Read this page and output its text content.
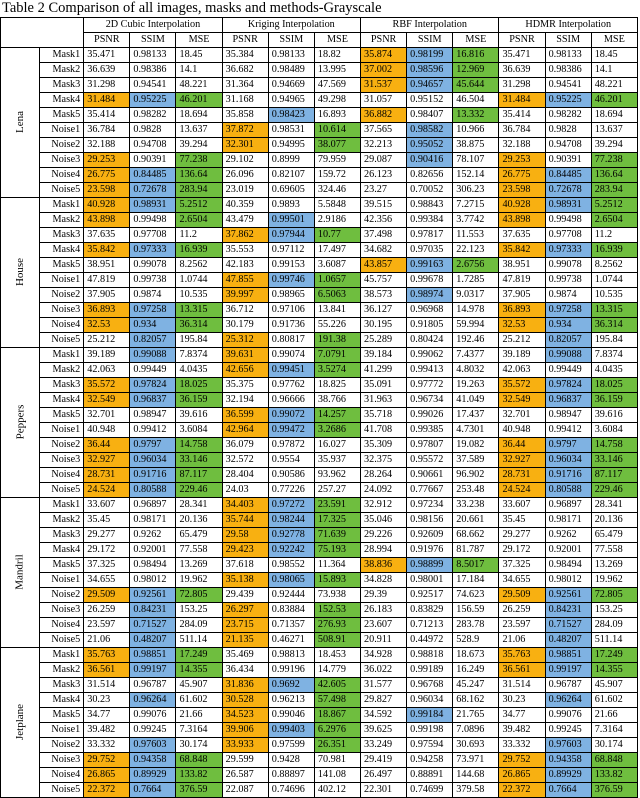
Table 2 Comparison of all images, masks and methods-Grayscale
		2D Cubic Interpolation			Kriging Interpolation			RBF Interpolation			HDMR Interpolation		
		PSNR	SSIM	MSE	PSNR	SSIM	MSE	PSNR	SSIM	MSE	PSNR	SSIM	MSE
Lena	Mask1	35.471	0.98133	18.45	35.384	0.98133	18.82	35.874	0.98199	16.816	35.471	0.98133	18.45
	Mask2	36.639	0.98386	14.1	36.682	0.98489	13.995	37.002	0.98596	12.969	36.639	0.98386	14.1
	Mask3	31.298	0.94541	48.221	31.364	0.94669	47.569	31.537	0.94657	45.644	31.298	0.94541	48.221
	Mask4	31.484	0.95225	46.201	31.168	0.94965	49.298	31.057	0.95152	46.504	31.484	0.95225	46.201
	Mask5	35.414	0.98282	18.694	35.858	0.98423	16.893	36.882	0.98407	13.332	35.414	0.98282	18.694
	Noise1	36.784	0.9828	13.637	37.872	0.98531	10.614	37.565	0.98582	10.966	36.784	0.9828	13.637
	Noise2	32.188	0.94708	39.294	32.301	0.94995	38.077	32.213	0.95052	38.875	32.188	0.94708	39.294
	Noise3	29.253	0.90391	77.238	29.102	0.8999	79.959	29.087	0.90416	78.107	29.253	0.90391	77.238
	Noise4	26.775	0.84485	136.64	26.096	0.82107	159.72	26.123	0.82656	152.14	26.775	0.84485	136.64
	Noise5	23.598	0.72678	283.94	23.019	0.69605	324.46	23.27	0.70052	306.23	23.598	0.72678	283.94
House	Mask1	40.928	0.98931	5.2512	40.359	0.9893	5.5848	39.515	0.98843	7.2715	40.928	0.98931	5.2512
	Mask2	43.898	0.99498	2.6504	43.479	0.99501	2.9186	42.356	0.99384	3.7742	43.898	0.99498	2.6504
	Mask3	37.635	0.97708	11.2	37.862	0.97944	10.77	37.498	0.97817	11.553	37.635	0.97708	11.2
	Mask4	35.842	0.97333	16.939	35.553	0.97112	17.497	34.682	0.97035	22.123	35.842	0.97333	16.939
	Mask5	38.951	0.99078	8.2562	42.183	0.99153	3.6087	43.857	0.99163	2.6756	38.951	0.99078	8.2562
	Noise1	47.819	0.99738	1.0744	47.855	0.99746	1.0657	45.757	0.99678	1.7285	47.819	0.99738	1.0744
	Noise2	37.905	0.9874	10.535	39.997	0.98965	6.5063	38.573	0.98974	9.0317	37.905	0.9874	10.535
	Noise3	36.893	0.97258	13.315	36.712	0.97106	13.841	36.127	0.96968	14.978	36.893	0.97258	13.315
	Noise4	32.53	0.934	36.314	30.179	0.91736	55.226	30.195	0.91805	59.994	32.53	0.934	36.314
	Noise5	25.212	0.82057	195.84	25.312	0.80817	191.38	25.289	0.80424	192.46	25.212	0.82057	195.84
Peppers	Mask1	39.189	0.99088	7.8374	39.631	0.99074	7.0791	39.184	0.99062	7.4377	39.189	0.99088	7.8374
	Mask2	42.063	0.99449	4.0435	42.656	0.99451	3.5274	41.299	0.99413	4.8032	42.063	0.99449	4.0435
	Mask3	35.572	0.97824	18.025	35.375	0.97762	18.825	35.091	0.97772	19.263	35.572	0.97824	18.025
	Mask4	32.549	0.96837	36.159	32.194	0.96666	38.766	31.963	0.96734	41.049	32.549	0.96837	36.159
	Mask5	32.701	0.98947	39.616	36.599	0.99072	14.257	35.718	0.99026	17.437	32.701	0.98947	39.616
	Noise1	40.948	0.99412	3.6084	42.964	0.99472	3.2686	41.708	0.99385	4.7301	40.948	0.99412	3.6084
	Noise2	36.44	0.9797	14.758	36.079	0.97872	16.027	35.309	0.97807	19.082	36.44	0.9797	14.758
	Noise3	32.927	0.96034	33.146	32.572	0.9554	35.937	32.375	0.95572	37.589	32.927	0.96034	33.146
	Noise4	28.731	0.91716	87.117	28.404	0.90586	93.962	28.264	0.90661	96.902	28.731	0.91716	87.117
	Noise5	24.524	0.80588	229.46	24.03	0.77226	257.27	24.092	0.77667	253.48	24.524	0.80588	229.46
Mandril	Mask1	33.607	0.96897	28.341	34.403	0.97272	23.591	32.912	0.97234	33.238	33.607	0.96897	28.341
	Mask2	35.45	0.98171	20.136	35.744	0.98244	17.325	35.046	0.98156	20.661	35.45	0.98171	20.136
	Mask3	29.277	0.9262	65.479	29.58	0.92778	71.639	29.226	0.92609	68.662	29.277	0.9262	65.479
	Mask4	29.172	0.92001	77.558	29.423	0.92242	75.193	28.994	0.91976	81.787	29.172	0.92001	77.558
	Mask5	37.325	0.98494	13.269	37.618	0.98552	11.364	38.836	0.98899	8.5017	37.325	0.98494	13.269
	Noise1	34.655	0.98012	19.962	35.138	0.98065	15.893	34.828	0.98001	17.184	34.655	0.98012	19.962
	Noise2	29.509	0.92561	72.805	29.439	0.92444	73.938	29.39	0.92517	74.623	29.509	0.92561	72.805
	Noise3	26.259	0.84231	153.25	26.297	0.83884	152.53	26.183	0.83829	156.59	26.259	0.84231	153.25
	Noise4	23.597	0.71527	284.09	23.715	0.71357	276.93	23.607	0.71213	283.78	23.597	0.71527	284.09
	Noise5	21.06	0.48207	511.14	21.135	0.46271	508.91	20.911	0.44972	528.9	21.06	0.48207	511.14
Jetplane	Mask1	35.763	0.98851	17.249	35.469	0.98813	18.453	34.928	0.98818	18.673	35.763	0.98851	17.249
	Mask2	36.561	0.99197	14.355	36.434	0.99196	14.779	36.022	0.99189	16.249	36.561	0.99197	14.355
	Mask3	31.514	0.96787	45.907	31.836	0.9692	42.605	31.577	0.96768	45.247	31.514	0.96787	45.907
	Mask4	30.23	0.96264	61.602	30.528	0.96213	57.498	29.827	0.96034	68.162	30.23	0.96264	61.602
	Mask5	34.77	0.99076	21.66	34.523	0.99046	18.867	34.592	0.99184	21.765	34.77	0.99076	21.66
	Noise1	39.482	0.99245	7.3164	39.906	0.99403	6.2976	39.625	0.99198	7.0896	39.482	0.99245	7.3164
	Noise2	33.332	0.97603	30.174	33.933	0.97599	26.351	33.249	0.97594	30.693	33.332	0.97603	30.174
	Noise3	29.752	0.94358	68.848	29.599	0.9428	70.981	29.419	0.94258	73.971	29.752	0.94358	68.848
	Noise4	26.865	0.89929	133.82	26.587	0.88897	141.08	26.497	0.88891	144.68	26.865	0.89929	133.82
	Noise5	22.372	0.7664	376.59	22.087	0.74696	402.12	22.301	0.74699	379.58	22.372	0.7664	376.59
